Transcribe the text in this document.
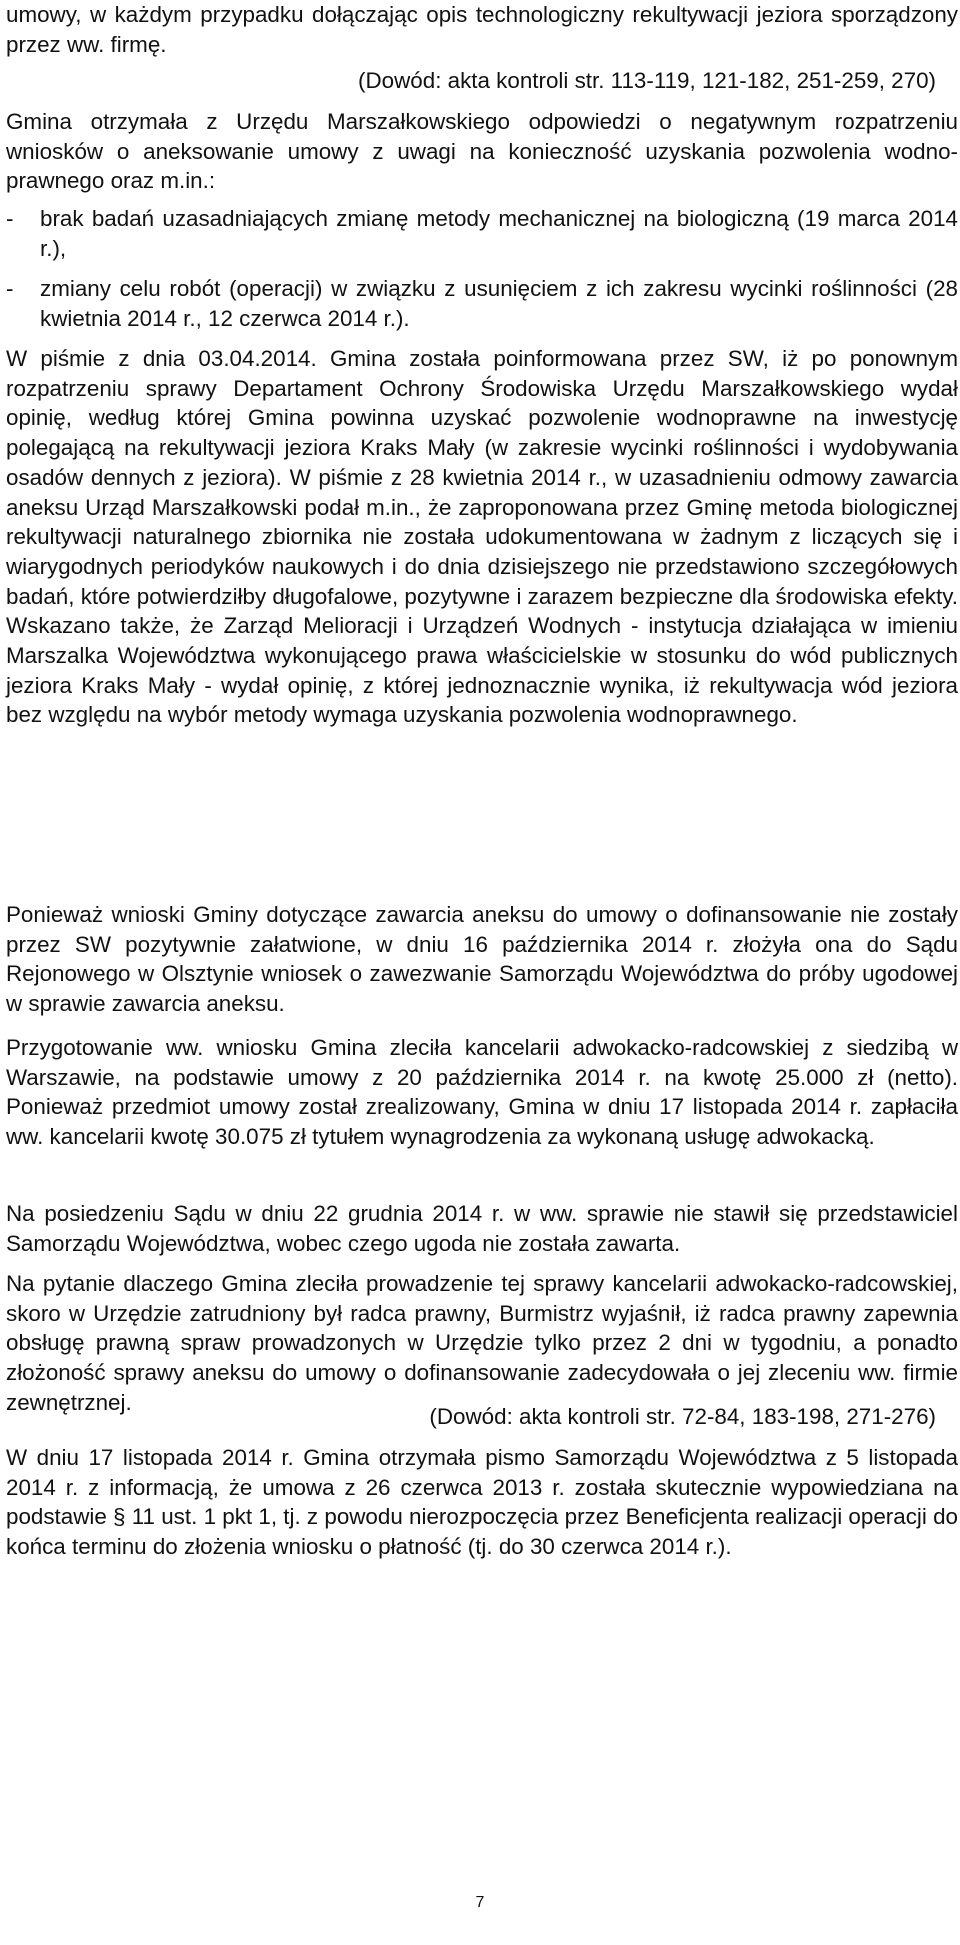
umowy, w każdym przypadku dołączając opis technologiczny rekultywacji jeziora sporządzony przez ww. firmę.

(Dowód: akta kontroli str. 113-119, 121-182, 251-259, 270)

Gmina otrzymała z Urzędu Marszałkowskiego odpowiedzi o negatywnym rozpatrzeniu wniosków o aneksowanie umowy z uwagi na konieczność uzyskania pozwolenia wodno-prawnego oraz m.in.:

- brak badań uzasadniających zmianę metody mechanicznej na biologiczną (19 marca 2014 r.),
- zmiany celu robót (operacji) w związku z usunięciem z ich zakresu wycinki roślinności (28 kwietnia 2014 r., 12 czerwca 2014 r.).

W piśmie z dnia 03.04.2014. Gmina została poinformowana przez SW, iż po ponownym rozpatrzeniu sprawy Departament Ochrony Środowiska Urzędu Marszałkowskiego wydał opinię, według której Gmina powinna uzyskać pozwolenie wodnoprawne na inwestycję polegającą na rekultywacji jeziora Kraks Mały (w zakresie wycinki roślinności i wydobywania osadów dennych z jeziora). W piśmie z 28 kwietnia 2014 r., w uzasadnieniu odmowy zawarcia aneksu Urząd Marszałkowski podał m.in., że zaproponowana przez Gminę metoda biologicznej rekultywacji naturalnego zbiornika nie została udokumentowana w żadnym z liczących się i wiarygodnych periodyków naukowych i do dnia dzisiejszego nie przedstawiono szczegółowych badań, które potwierdziłby długofalowe, pozytywne i zarazem bezpieczne dla środowiska efekty. Wskazano także, że Zarząd Melioracji i Urządzeń Wodnych - instytucja działająca w imieniu Marszalka Województwa wykonującego prawa właścicielskie w stosunku do wód publicznych jeziora Kraks Mały - wydał opinię, z której jednoznacznie wynika, iż rekultywacja wód jeziora bez względu na wybór metody wymaga uzyskania pozwolenia wodnoprawnego.

Ponieważ wnioski Gminy dotyczące zawarcia aneksu do umowy o dofinansowanie nie zostały przez SW pozytywnie załatwione, w dniu 16 października 2014 r. złożyła ona do Sądu Rejonowego w Olsztynie wniosek o zawezwanie Samorządu Województwa do próby ugodowej w sprawie zawarcia aneksu.

Przygotowanie ww. wniosku Gmina zleciła kancelarii adwokacko-radcowskiej z siedzibą w Warszawie, na podstawie umowy z 20 października 2014 r. na kwotę 25.000 zł (netto). Ponieważ przedmiot umowy został zrealizowany, Gmina w dniu 17 listopada 2014 r. zapłaciła ww. kancelarii kwotę 30.075 zł tytułem wynagrodzenia za wykonaną usługę adwokacką.

Na posiedzeniu Sądu w dniu 22 grudnia 2014 r. w ww. sprawie nie stawił się przedstawiciel Samorządu Województwa, wobec czego ugoda nie została zawarta.

Na pytanie dlaczego Gmina zleciła prowadzenie tej sprawy kancelarii adwokacko-radcowskiej, skoro w Urzędzie zatrudniony był radca prawny, Burmistrz wyjaśnił, iż radca prawny zapewnia obsługę prawną spraw prowadzonych w Urzędzie tylko przez 2 dni w tygodniu, a ponadto złożoność sprawy aneksu do umowy o dofinansowanie zadecydowała o jej zleceniu ww. firmie zewnętrznej.

(Dowód: akta kontroli str. 72-84, 183-198, 271-276)

W dniu 17 listopada 2014 r. Gmina otrzymała pismo Samorządu Województwa z 5 listopada 2014 r. z informacją, że umowa z 26 czerwca 2013 r. została skutecznie wypowiedziana na podstawie § 11 ust. 1 pkt 1, tj. z powodu nierozpoczęcia przez Beneficjenta realizacji operacji do końca terminu do złożenia wniosku o płatność (tj. do 30 czerwca 2014 r.).

7
